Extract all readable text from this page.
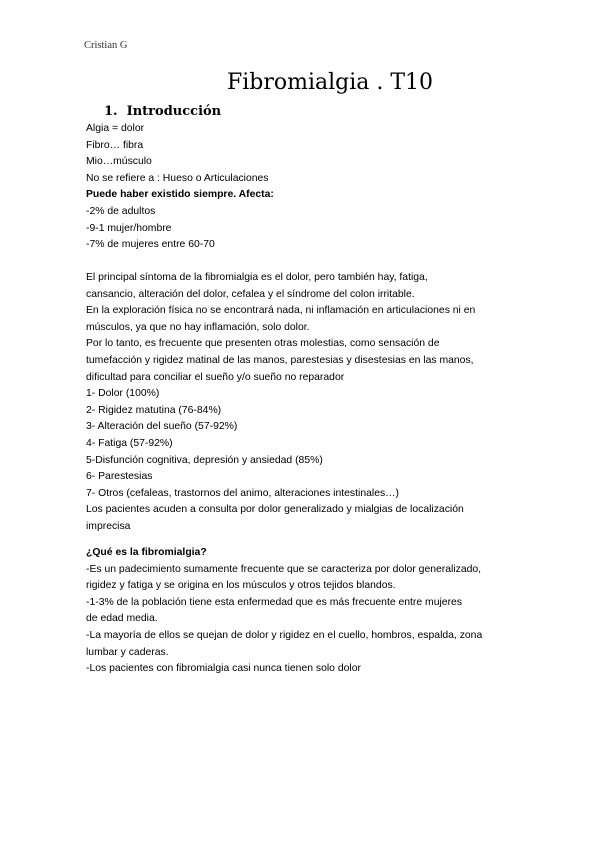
Cristian G
Fibromialgia . T10
1. Introducción

Algia = dolor

Fibro… fibra

Mio…músculo

No se refiere a : Hueso o Articulaciones

Puede haber existido siempre. Afecta:

-2% de adultos

-9-1 mujer/hombre

-7% de mujeres entre 60-70

El principal síntoma de la fibromialgia es el dolor, pero también hay, fatiga,

cansancio, alteración del dolor, cefalea y el síndrome del colon irritable.

En la exploración física no se encontrará nada, ni inflamación en articulaciones ni en

músculos, ya que no hay inflamación, solo dolor.

Por lo tanto, es frecuente que presenten otras molestias, como sensación de

tumefacción y rigidez matinal de las manos, parestesias y disestesias en las manos,

dificultad para conciliar el sueño y/o sueño no reparador

1- Dolor (100%)

2- Rigidez matutina (76-84%)

3- Alteración del sueño (57-92%)

4- Fatiga (57-92%)

5-Disfunción cognitiva, depresión y ansiedad (85%)

6- Parestesias

7- Otros (cefaleas, trastornos del animo, alteraciones intestinales…)

Los pacientes acuden a consulta por dolor generalizado y mialgias de localización

imprecisa

¿Qué es la fibromialgia?

-Es un padecimiento sumamente frecuente que se caracteriza por dolor generalizado,

rigidez y fatiga y se origina en los músculos y otros tejidos blandos.

-1-3% de la población tiene esta enfermedad que es más frecuente entre mujeres

de edad media.

-La mayoría de ellos se quejan de dolor y rigidez en el cuello, hombros, espalda, zona

lumbar y caderas.

-Los pacientes con fibromialgia casi nunca tienen solo dolor
